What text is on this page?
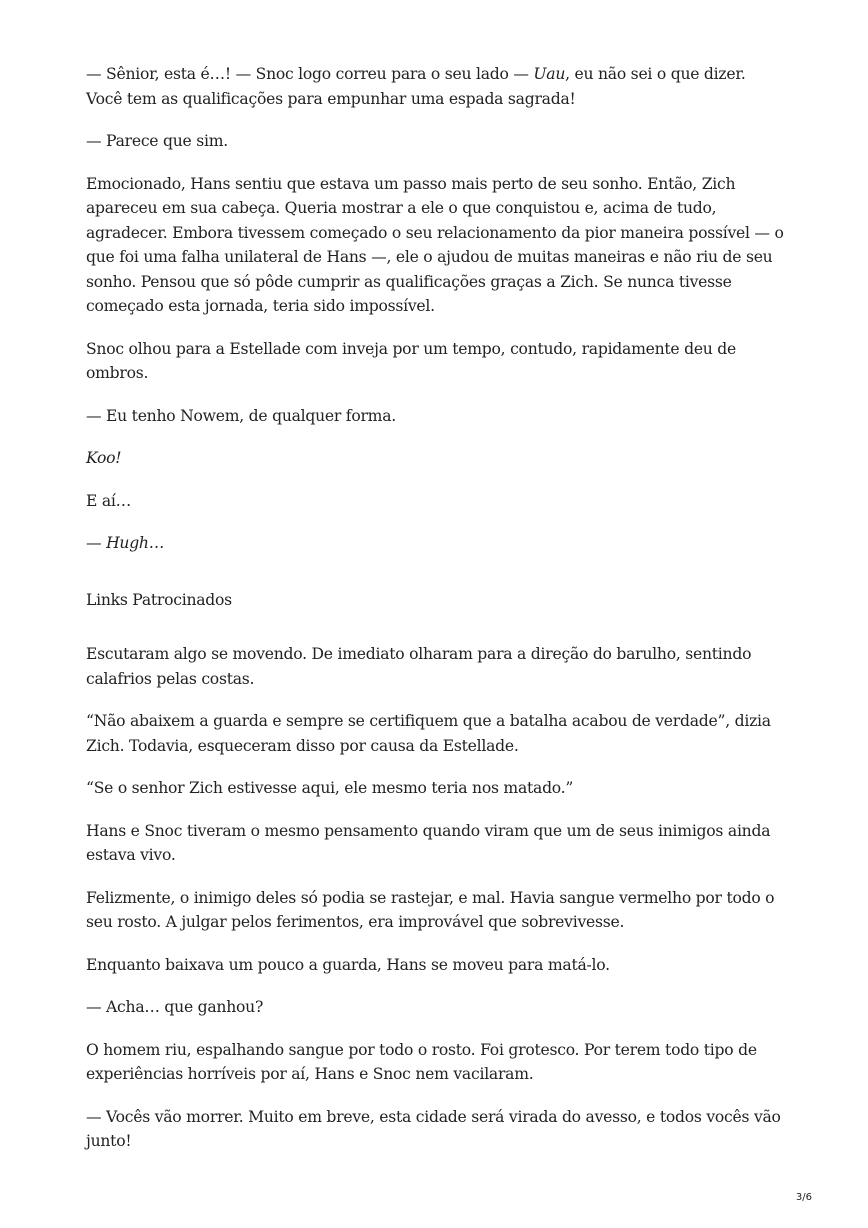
— Sênior, esta é…! — Snoc logo correu para o seu lado — Uau, eu não sei o que dizer. Você tem as qualificações para empunhar uma espada sagrada!

— Parece que sim.

Emocionado, Hans sentiu que estava um passo mais perto de seu sonho. Então, Zich apareceu em sua cabeça. Queria mostrar a ele o que conquistou e, acima de tudo, agradecer. Embora tivessem começado o seu relacionamento da pior maneira possível — o que foi uma falha unilateral de Hans —, ele o ajudou de muitas maneiras e não riu de seu sonho. Pensou que só pôde cumprir as qualificações graças a Zich. Se nunca tivesse começado esta jornada, teria sido impossível.

Snoc olhou para a Estellade com inveja por um tempo, contudo, rapidamente deu de ombros.

— Eu tenho Nowem, de qualquer forma.

Koo!

E aí…

— Hugh…

Links Patrocinados

Escutaram algo se movendo. De imediato olharam para a direção do barulho, sentindo calafrios pelas costas.

“Não abaixem a guarda e sempre se certifiquem que a batalha acabou de verdade”, dizia Zich. Todavia, esqueceram disso por causa da Estellade.

“Se o senhor Zich estivesse aqui, ele mesmo teria nos matado.”

Hans e Snoc tiveram o mesmo pensamento quando viram que um de seus inimigos ainda estava vivo.

Felizmente, o inimigo deles só podia se rastejar, e mal. Havia sangue vermelho por todo o seu rosto. A julgar pelos ferimentos, era improvável que sobrevivesse.

Enquanto baixava um pouco a guarda, Hans se moveu para matá-lo.

— Acha… que ganhou?

O homem riu, espalhando sangue por todo o rosto. Foi grotesco. Por terem todo tipo de experiências horríveis por aí, Hans e Snoc nem vacilaram.

— Vocês vão morrer. Muito em breve, esta cidade será virada do avesso, e todos vocês vão junto!

3/6
